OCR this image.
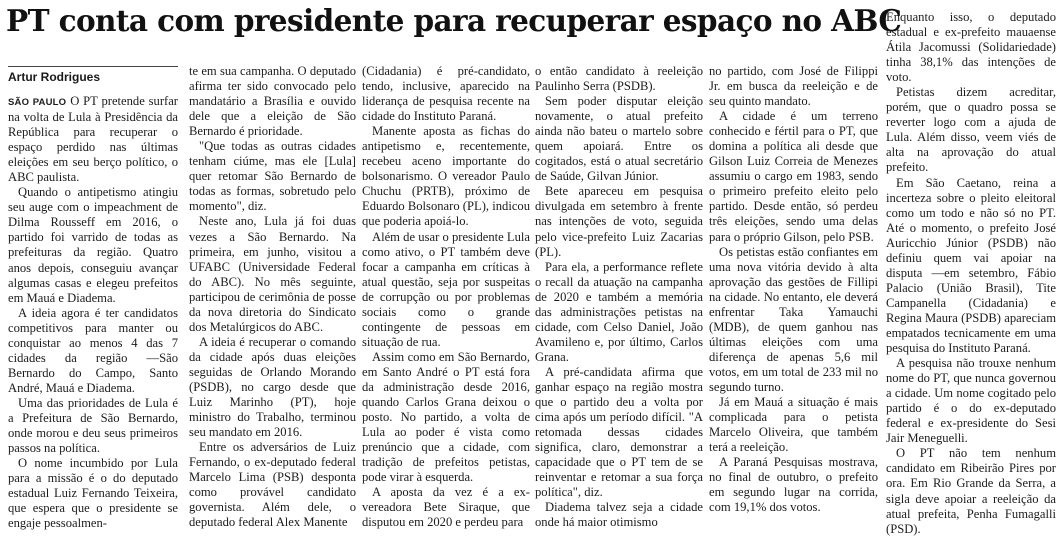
PT conta com presidente para recuperar espaço no ABC
Artur Rodrigues

SÃO PAULO O PT pretende surfar na volta de Lula à Presidência da República para recuperar o espaço perdido nas últimas eleições em seu berço político, o ABC paulista.

Quando o antipetismo atingiu seu auge com o impeachment de Dilma Rousseff em 2016, o partido foi varrido de todas as prefeituras da região. Quatro anos depois, conseguiu avançar algumas casas e elegeu prefeitos em Mauá e Diadema.

A ideia agora é ter candidatos competitivos para manter ou conquistar ao menos 4 das 7 cidades da região —São Bernardo do Campo, Santo André, Mauá e Diadema.

Uma das prioridades de Lula é a Prefeitura de São Bernardo, onde morou e deu seus primeiros passos na política.

O nome incumbido por Lula para a missão é o do deputado estadual Luiz Fernando Teixeira, que espera que o presidente se engaje pessoalmen-

te em sua campanha. O deputado afirma ter sido convocado pelo mandatário a Brasília e ouvido dele que a eleição de São Bernardo é prioridade.

"Que todas as outras cidades tenham ciúme, mas ele [Lula] quer retomar São Bernardo de todas as formas, sobretudo pelo momento", diz.

Neste ano, Lula já foi duas vezes a São Bernardo. Na primeira, em junho, visitou a UFABC (Universidade Federal do ABC). No mês seguinte, participou de cerimônia de posse da nova diretoria do Sindicato dos Metalúrgicos do ABC.

A ideia é recuperar o comando da cidade após duas eleições seguidas de Orlando Morando (PSDB), no cargo desde que Luiz Marinho (PT), hoje ministro do Trabalho, terminou seu mandato em 2016.

Entre os adversários de Luiz Fernando, o ex-deputado federal Marcelo Lima (PSB) desponta como provável candidato governista. Além dele, o deputado federal Alex Manente

(Cidadania) é pré-candidato, tendo, inclusive, aparecido na liderança de pesquisa recente na cidade do Instituto Paraná.

Manente aposta as fichas do antipetismo e, recentemente, recebeu aceno importante do bolsonarismo. O vereador Paulo Chuchu (PRTB), próximo de Eduardo Bolsonaro (PL), indicou que poderia apoiá-lo.

Além de usar o presidente Lula como ativo, o PT também deve focar a campanha em críticas à atual questão, seja por suspeitas de corrupção ou por problemas sociais como o grande contingente de pessoas em situação de rua.

Assim como em São Bernardo, em Santo André o PT está fora da administração desde 2016, quando Carlos Grana deixou o posto. No partido, a volta de Lula ao poder é vista como prenúncio que a cidade, com tradição de prefeitos petistas, pode virar à esquerda.

A aposta da vez é a ex-vereadora Bete Siraque, que disputou em 2020 e perdeu para

o então candidato à reeleição Paulinho Serra (PSDB).

Sem poder disputar eleição novamente, o atual prefeito ainda não bateu o martelo sobre quem apoiará. Entre os cogitados, está o atual secretário de Saúde, Gilvan Júnior.

Bete apareceu em pesquisa divulgada em setembro à frente nas intenções de voto, seguida pelo vice-prefeito Luiz Zacarias (PL).

Para ela, a performance reflete o recall da atuação na campanha de 2020 e também a memória das administrações petistas na cidade, com Celso Daniel, João Avamileno e, por último, Carlos Grana.

A pré-candidata afirma que ganhar espaço na região mostra que o partido deu a volta por cima após um período difícil. "A retomada dessas cidades significa, claro, demonstrar a capacidade que o PT tem de se reinventar e retomar a sua força política", diz.

Diadema talvez seja a cidade onde há maior otimismo

no partido, com José de Filippi Jr. em busca da reeleição e de seu quinto mandato.

A cidade é um terreno conhecido e fértil para o PT, que domina a política ali desde que Gilson Luiz Correia de Menezes assumiu o cargo em 1983, sendo o primeiro prefeito eleito pelo partido. Desde então, só perdeu três eleições, sendo uma delas para o próprio Gilson, pelo PSB.

Os petistas estão confiantes em uma nova vitória devido à alta aprovação das gestões de Fillipi na cidade. No entanto, ele deverá enfrentar Taka Yamauchi (MDB), de quem ganhou nas últimas eleições com uma diferença de apenas 5,6 mil votos, em um total de 233 mil no segundo turno.

Já em Mauá a situação é mais complicada para o petista Marcelo Oliveira, que também terá a reeleição.

A Paraná Pesquisas mostrava, no final de outubro, o prefeito em segundo lugar na corrida, com 19,1% dos votos.

Enquanto isso, o deputado estadual e ex-prefeito mauaense Átila Jacomussi (Solidariedade) tinha 38,1% das intenções de voto.

Petistas dizem acreditar, porém, que o quadro possa se reverter logo com a ajuda de Lula. Além disso, veem viés de alta na aprovação do atual prefeito.

Em São Caetano, reina a incerteza sobre o pleito eleitoral como um todo e não só no PT. Até o momento, o prefeito José Auricchio Júnior (PSDB) não definiu quem vai apoiar na disputa —em setembro, Fábio Palacio (União Brasil), Tite Campanella (Cidadania) e Regina Maura (PSDB) apareciam empatados tecnicamente em uma pesquisa do Instituto Paraná.

A pesquisa não trouxe nenhum nome do PT, que nunca governou a cidade. Um nome cogitado pelo partido é o do ex-deputado federal e ex-presidente do Sesi Jair Meneguelli.

O PT não tem nenhum candidato em Ribeirão Pires por ora. Em Rio Grande da Serra, a sigla deve apoiar a reeleição da atual prefeita, Penha Fumagalli (PSD).
